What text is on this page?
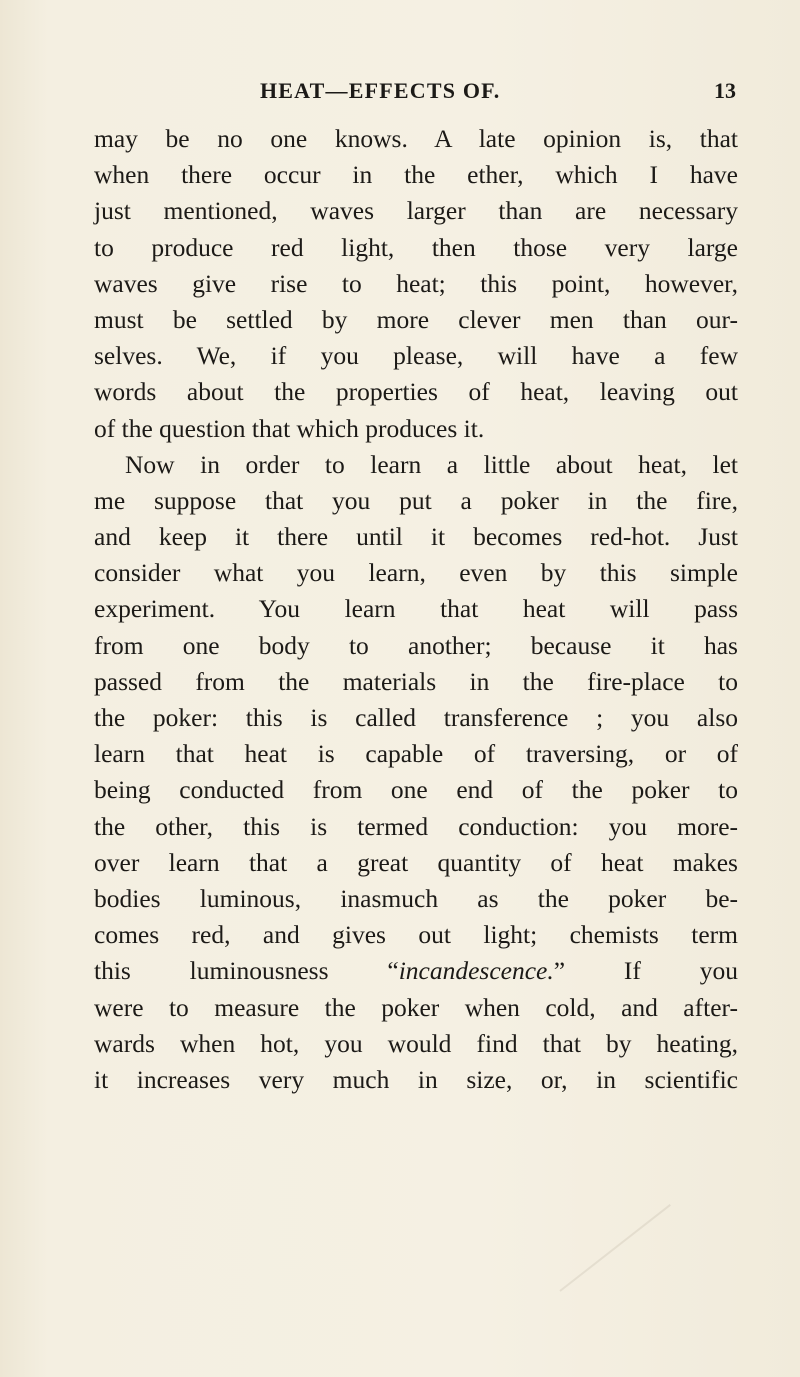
HEAT—EFFECTS OF.	13
may be no one knows. A late opinion is, that
when there occur in the ether, which I have
just mentioned, waves larger than are necessary
to produce red light, then those very large
waves give rise to heat; this point, however,
must be settled by more clever men than our-
selves. We, if you please, will have a few
words about the properties of heat, leaving out
of the question that which produces it.
Now in order to learn a little about heat, let
me suppose that you put a poker in the fire,
and keep it there until it becomes red-hot. Just
consider what you learn, even by this simple
experiment. You learn that heat will pass
from one body to another; because it has
passed from the materials in the fire-place to
the poker: this is called transference ; you also
learn that heat is capable of traversing, or of
being conducted from one end of the poker to
the other, this is termed conduction: you more-
over learn that a great quantity of heat makes
bodies luminous, inasmuch as the poker be-
comes red, and gives out light; chemists term
this luminousness “incandescence.” If you
were to measure the poker when cold, and after-
wards when hot, you would find that by heating,
it increases very much in size, or, in scientific
